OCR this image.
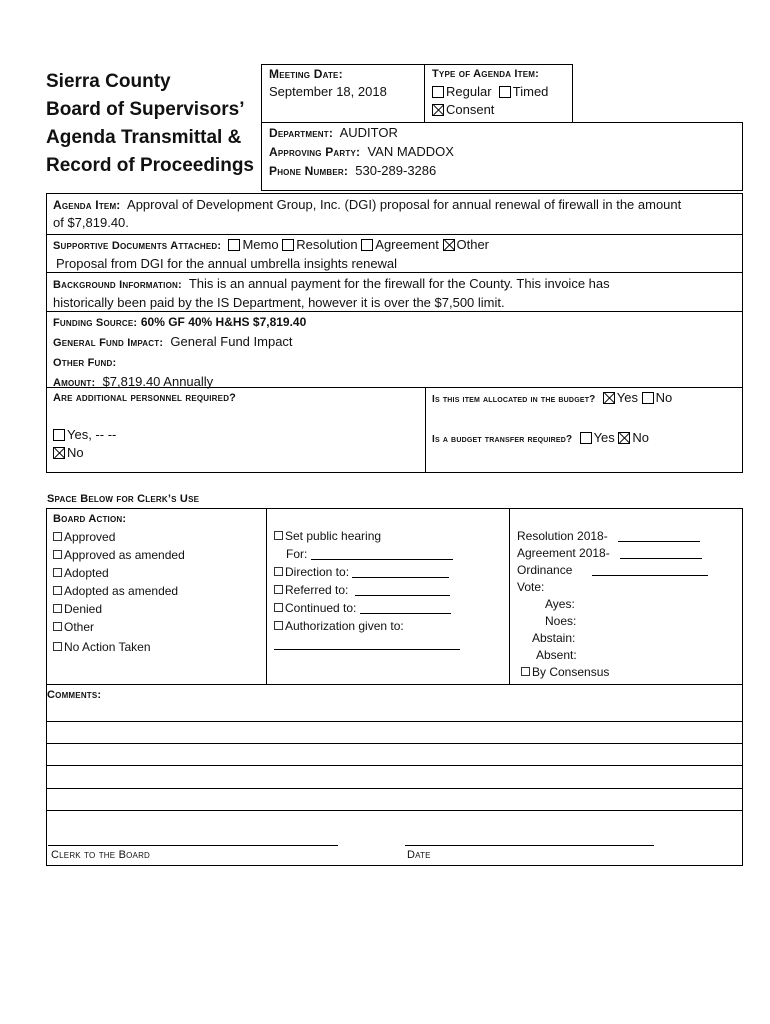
Sierra County
Board of Supervisors’
Agenda Transmittal &
Record of Proceedings
Meeting Date:
September 18, 2018
Type of Agenda Item:
Regular Timed
Consent
Department: AUDITOR
Approving Party: VAN MADDOX
Phone Number: 530-289-3286
Agenda Item: Approval of Development Group, Inc. (DGI) proposal for annual renewal of firewall in the amount
of $7,819.40.
Supportive Documents Attached: Memo Resolution Agreement Other
Proposal from DGI for the annual umbrella insights renewal
Background Information: This is an annual payment for the firewall for the County. This invoice has
historically been paid by the IS Department, however it is over the $7,500 limit.
Funding Source: 60% GF 40% H&HS $7,819.40
General Fund Impact: General Fund Impact
Other Fund:
Amount: $7,819.40 Annually
Are additional personnel required?
Yes, -- --
No
Is this item allocated in the budget? Yes No
Is a budget transfer required? Yes No
Space Below for Clerk’s Use
Board Action:
Approved
Approved as amended
Adopted
Adopted as amended
Denied
Other
No Action Taken
Set public hearing
For:
Direction to:
Referred to:
Continued to:
Authorization given to:
Resolution 2018-
Agreement 2018-
Ordinance
Vote:
Ayes:
Noes:
Abstain:
Absent:
By Consensus
Comments:
Clerk to the Board	Date
